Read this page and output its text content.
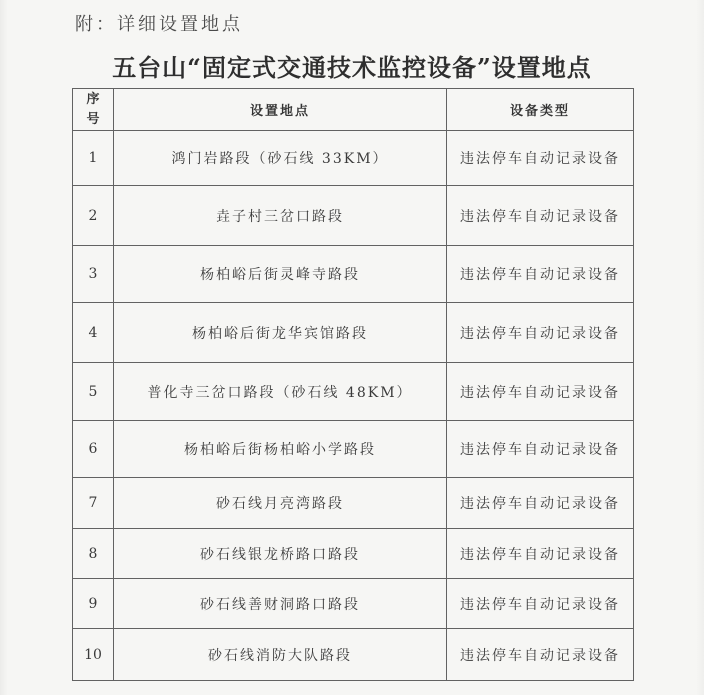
附：详细设置地点
五台山“固定式交通技术监控设备”设置地点
序号	设置地点	设备类型
1	鸿门岩路段（砂石线 33KM）	违法停车自动记录设备
2	垚子村三岔口路段	违法停车自动记录设备
3	杨柏峪后街灵峰寺路段	违法停车自动记录设备
4	杨柏峪后街龙华宾馆路段	违法停车自动记录设备
5	普化寺三岔口路段（砂石线 48KM）	违法停车自动记录设备
6	杨柏峪后街杨柏峪小学路段	违法停车自动记录设备
7	砂石线月亮湾路段	违法停车自动记录设备
8	砂石线银龙桥路口路段	违法停车自动记录设备
9	砂石线善财洞路口路段	违法停车自动记录设备
10	砂石线消防大队路段	违法停车自动记录设备
